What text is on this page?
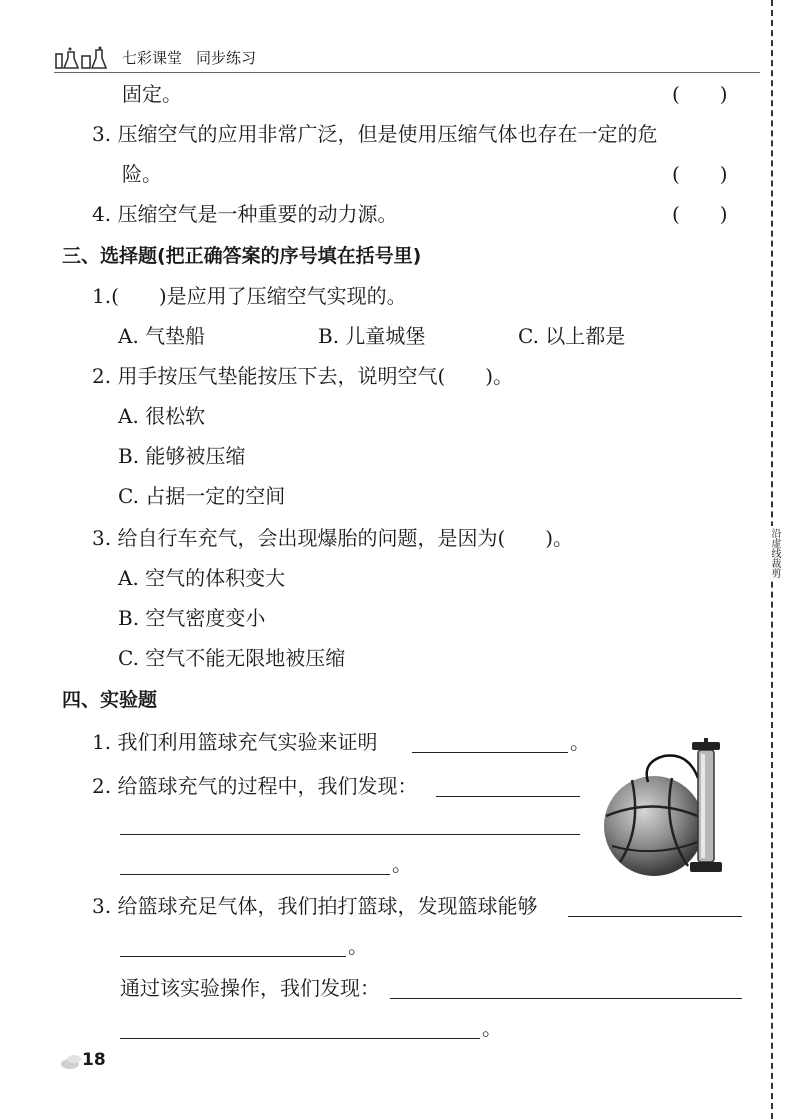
七彩课堂 同步练习
固定。	(　　)
3. 压缩空气的应用非常广泛，但是使用压缩气体也存在一定的危
险。	(　　)
4. 压缩空气是一种重要的动力源。	(　　)
三、选择题(把正确答案的序号填在括号里)
1.(　　)是应用了压缩空气实现的。
A. 气垫船	B. 儿童城堡	C. 以上都是
2. 用手按压气垫能按压下去，说明空气(　　)。
A. 很松软
B. 能够被压缩
C. 占据一定的空间
3. 给自行车充气，会出现爆胎的问题，是因为(　　)。
A. 空气的体积变大
B. 空气密度变小
C. 空气不能无限地被压缩
四、实验题
1. 我们利用篮球充气实验来证明	。
2. 给篮球充气的过程中，我们发现：
。
3. 给篮球充足气体，我们拍打篮球，发现篮球能够
。
通过该实验操作，我们发现：
。
沿虚线裁剪
18
